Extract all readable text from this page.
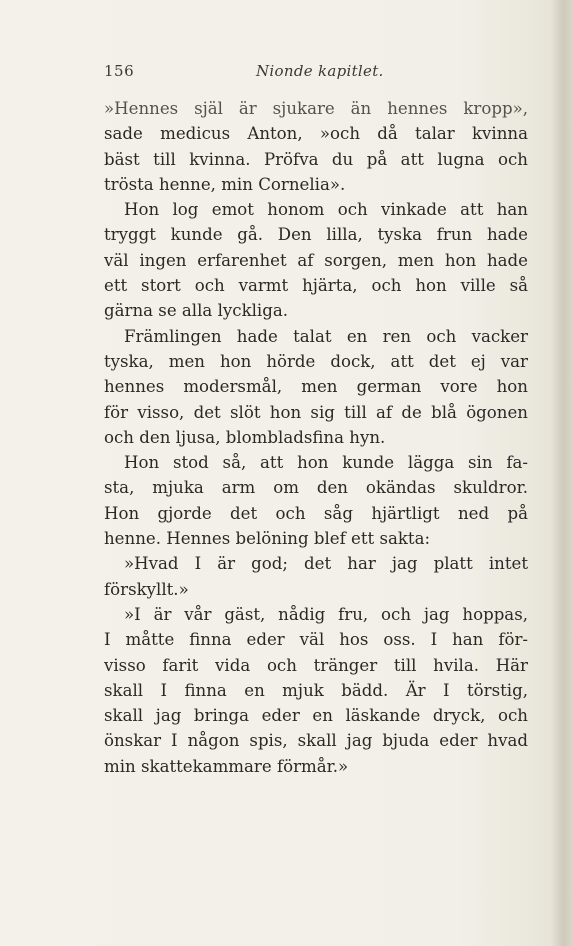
156	Nionde kapitlet.
»Hennes själ är sjukare än hennes kropp»,
sade medicus Anton, »och då talar kvinna
bäst till kvinna. Pröfva du på att lugna och
trösta henne, min Cornelia».
Hon log emot honom och vinkade att han
tryggt kunde gå. Den lilla, tyska frun hade
väl ingen erfarenhet af sorgen, men hon hade
ett stort och varmt hjärta, och hon ville så
gärna se alla lyckliga.
Främlingen hade talat en ren och vacker
tyska, men hon hörde dock, att det ej var
hennes modersmål, men german vore hon
för visso, det slöt hon sig till af de blå ögonen
och den ljusa, blombladsfina hyn.
Hon stod så, att hon kunde lägga sin fa-
sta, mjuka arm om den okändas skuldror.
Hon gjorde det och såg hjärtligt ned på
henne. Hennes belöning blef ett sakta:
»Hvad I är god; det har jag platt intet
förskyllt.»
»I är vår gäst, nådig fru, och jag hoppas,
I måtte finna eder väl hos oss. I han för-
visso farit vida och tränger till hvila. Här
skall I finna en mjuk bädd. Är I törstig,
skall jag bringa eder en läskande dryck, och
önskar I någon spis, skall jag bjuda eder hvad
min skattekammare förmår.»
